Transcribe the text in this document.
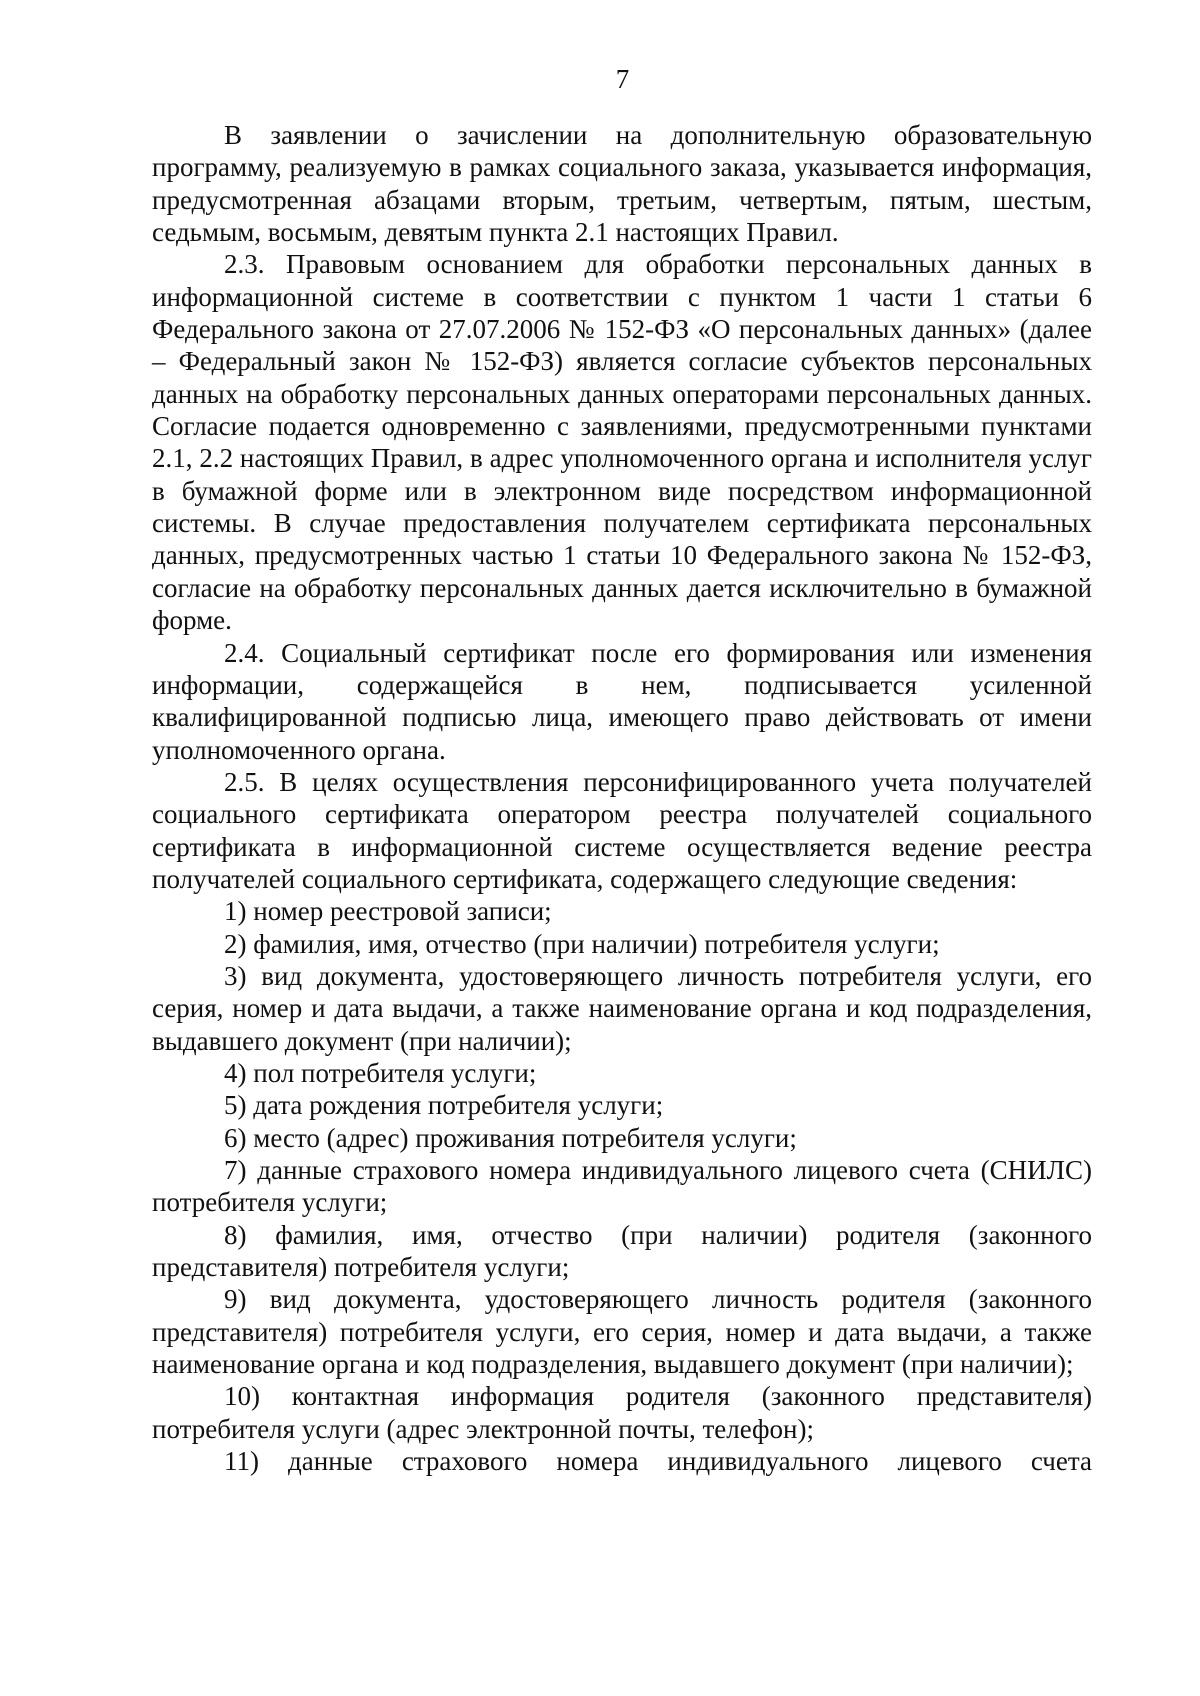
7

В заявлении о зачислении на дополнительную образовательную программу, реализуемую в рамках социального заказа, указывается информация, предусмотренная абзацами вторым, третьим, четвертым, пятым, шестым, седьмым, восьмым, девятым пункта 2.1 настоящих Правил.

2.3. Правовым основанием для обработки персональных данных в информационной системе в соответствии с пунктом 1 части 1 статьи 6 Федерального закона от 27.07.2006 № 152-ФЗ «О персональных данных» (далее – Федеральный закон № 152-ФЗ) является согласие субъектов персональных данных на обработку персональных данных операторами персональных данных. Согласие подается одновременно с заявлениями, предусмотренными пунктами 2.1, 2.2 настоящих Правил, в адрес уполномоченного органа и исполнителя услуг в бумажной форме или в электронном виде посредством информационной системы. В случае предоставления получателем сертификата персональных данных, предусмотренных частью 1 статьи 10 Федерального закона № 152-ФЗ, согласие на обработку персональных данных дается исключительно в бумажной форме.

2.4. Социальный сертификат после его формирования или изменения информации, содержащейся в нем, подписывается усиленной квалифицированной подписью лица, имеющего право действовать от имени уполномоченного органа.

2.5. В целях осуществления персонифицированного учета получателей социального сертификата оператором реестра получателей социального сертификата в информационной системе осуществляется ведение реестра получателей социального сертификата, содержащего следующие сведения:

1) номер реестровой записи;

2) фамилия, имя, отчество (при наличии) потребителя услуги;

3) вид документа, удостоверяющего личность потребителя услуги, его серия, номер и дата выдачи, а также наименование органа и код подразделения, выдавшего документ (при наличии);

4) пол потребителя услуги;

5) дата рождения потребителя услуги;

6) место (адрес) проживания потребителя услуги;

7) данные страхового номера индивидуального лицевого счета (СНИЛС) потребителя услуги;

8) фамилия, имя, отчество (при наличии) родителя (законного представителя) потребителя услуги;

9) вид документа, удостоверяющего личность родителя (законного представителя) потребителя услуги, его серия, номер и дата выдачи, а также наименование органа и код подразделения, выдавшего документ (при наличии);

10) контактная информация родителя (законного представителя) потребителя услуги (адрес электронной почты, телефон);

11) данные страхового номера индивидуального лицевого счета
